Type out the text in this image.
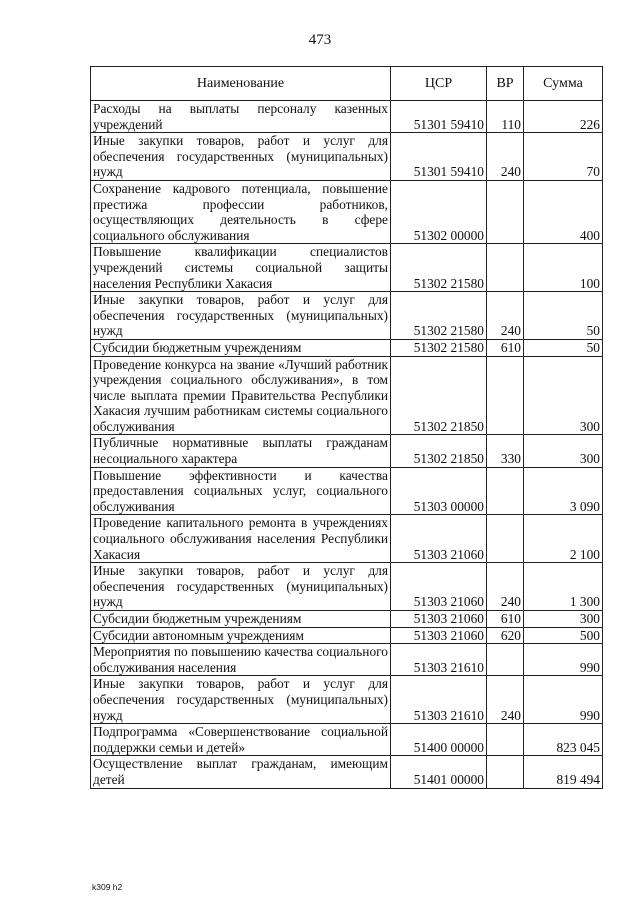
473
Наименование	ЦСР	ВР	Сумма
Расходы на выплаты персоналу казенных учреждений	51301 59410	110	226
Иные закупки товаров, работ и услуг для обеспечения государственных (муниципальных) нужд	51301 59410	240	70
Сохранение кадрового потенциала, повышение престижа профессии работников, осуществляющих деятельность в сфере социального обслуживания	51302 00000		400
Повышение квалификации специалистов учреждений системы социальной защиты населения Республики Хакасия	51302 21580		100
Иные закупки товаров, работ и услуг для обеспечения государственных (муниципальных) нужд	51302 21580	240	50
Субсидии бюджетным учреждениям	51302 21580	610	50
Проведение конкурса на звание «Лучший работник учреждения социального обслуживания», в том числе выплата премии Правительства Республики Хакасия лучшим работникам системы социального обслуживания	51302 21850		300
Публичные нормативные выплаты гражданам несоциального характера	51302 21850	330	300
Повышение эффективности и качества предоставления социальных услуг, социального обслуживания	51303 00000		3 090
Проведение капитального ремонта в учреждениях социального обслуживания населения Республики Хакасия	51303 21060		2 100
Иные закупки товаров, работ и услуг для обеспечения государственных (муниципальных) нужд	51303 21060	240	1 300
Субсидии бюджетным учреждениям	51303 21060	610	300
Субсидии автономным учреждениям	51303 21060	620	500
Мероприятия по повышению качества социального обслуживания населения	51303 21610		990
Иные закупки товаров, работ и услуг для обеспечения государственных (муниципальных) нужд	51303 21610	240	990
Подпрограмма «Совершенствование социальной поддержки семьи и детей»	51400 00000		823 045
Осуществление выплат гражданам, имеющим детей	51401 00000		819 494
k309 h2
